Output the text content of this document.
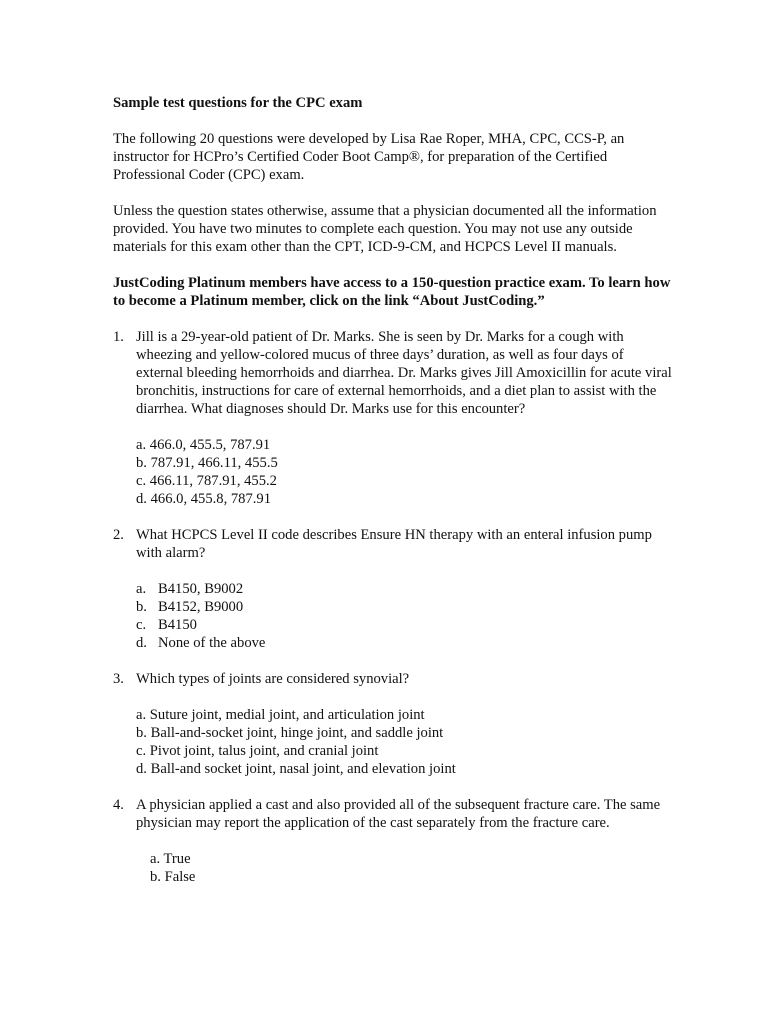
Sample test questions for the CPC exam

The following 20 questions were developed by Lisa Rae Roper, MHA, CPC, CCS-P, an instructor for HCPro’s Certified Coder Boot Camp®, for preparation of the Certified Professional Coder (CPC) exam.

Unless the question states otherwise, assume that a physician documented all the information provided. You have two minutes to complete each question. You may not use any outside materials for this exam other than the CPT, ICD-9-CM, and HCPCS Level II manuals.

JustCoding Platinum members have access to a 150-question practice exam. To learn how to become a Platinum member, click on the link “About JustCoding.”

1. Jill is a 29-year-old patient of Dr. Marks. She is seen by Dr. Marks for a cough with wheezing and yellow-colored mucus of three days’ duration, as well as four days of external bleeding hemorrhoids and diarrhea. Dr. Marks gives Jill Amoxicillin for acute viral bronchitis, instructions for care of external hemorrhoids, and a diet plan to assist with the diarrhea. What diagnoses should Dr. Marks use for this encounter?

a. 466.0, 455.5, 787.91

b. 787.91, 466.11, 455.5

c. 466.11, 787.91, 455.2

d. 466.0, 455.8, 787.91

2. What HCPCS Level II code describes Ensure HN therapy with an enteral infusion pump with alarm?

a. B4150, B9002

b. B4152, B9000

c. B4150

d. None of the above

3. Which types of joints are considered synovial?

a. Suture joint, medial joint, and articulation joint

b. Ball-and-socket joint, hinge joint, and saddle joint

c. Pivot joint, talus joint, and cranial joint

d. Ball-and socket joint, nasal joint, and elevation joint

4. A physician applied a cast and also provided all of the subsequent fracture care. The same physician may report the application of the cast separately from the fracture care.

a. True

b. False
